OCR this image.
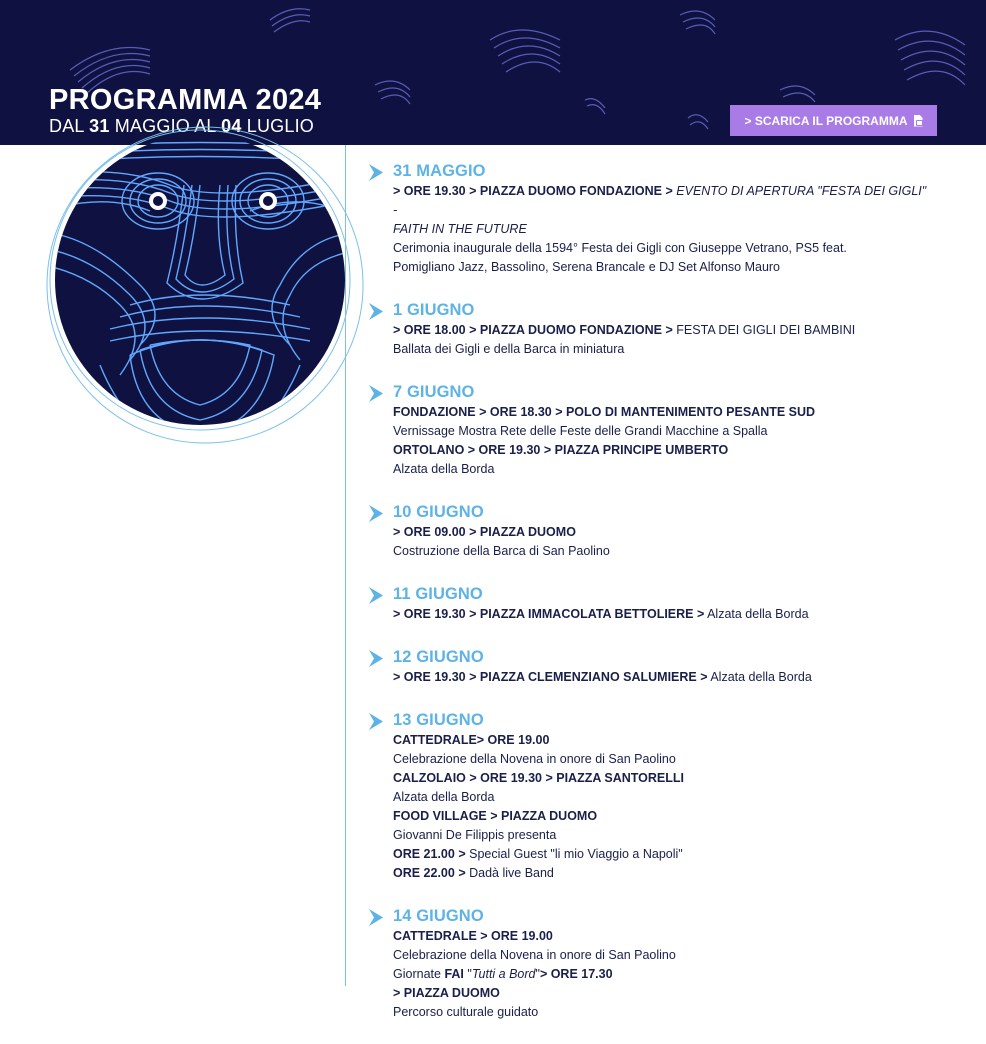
PROGRAMMA 2024
DAL 31 MAGGIO AL 04 LUGLIO	> SCARICA IL PROGRAMMA
31 MAGGIO

> ORE 19.30 > PIAZZA DUOMO FONDAZIONE > EVENTO DI APERTURA "FESTA DEI GIGLI" -

FAITH IN THE FUTURE

Cerimonia inaugurale della 1594° Festa dei Gigli con Giuseppe Vetrano, PS5 feat.

Pomigliano Jazz, Bassolino, Serena Brancale e DJ Set Alfonso Mauro

1 GIUGNO

> ORE 18.00 > PIAZZA DUOMO FONDAZIONE > FESTA DEI GIGLI DEI BAMBINI

Ballata dei Gigli e della Barca in miniatura

7 GIUGNO

FONDAZIONE > ORE 18.30 > POLO DI MANTENIMENTO PESANTE SUD

Vernissage Mostra Rete delle Feste delle Grandi Macchine a Spalla

ORTOLANO > ORE 19.30 > PIAZZA PRINCIPE UMBERTO

Alzata della Borda

10 GIUGNO

> ORE 09.00 > PIAZZA DUOMO

Costruzione della Barca di San Paolino

11 GIUGNO

> ORE 19.30 > PIAZZA IMMACOLATA BETTOLIERE > Alzata della Borda

12 GIUGNO

> ORE 19.30 > PIAZZA CLEMENZIANO SALUMIERE > Alzata della Borda

13 GIUGNO

CATTEDRALE> ORE 19.00

Celebrazione della Novena in onore di San Paolino

CALZOLAIO > ORE 19.30 > PIAZZA SANTORELLI

Alzata della Borda

FOOD VILLAGE > PIAZZA DUOMO

Giovanni De Filippis presenta

ORE 21.00 > Special Guest "li mio Viaggio a Napoli"

ORE 22.00 > Dadà live Band

14 GIUGNO

CATTEDRALE > ORE 19.00

Celebrazione della Novena in onore di San Paolino

Giornate FAI "Tutti a Bord"> ORE 17.30

> PIAZZA DUOMO

Percorso culturale guidato
